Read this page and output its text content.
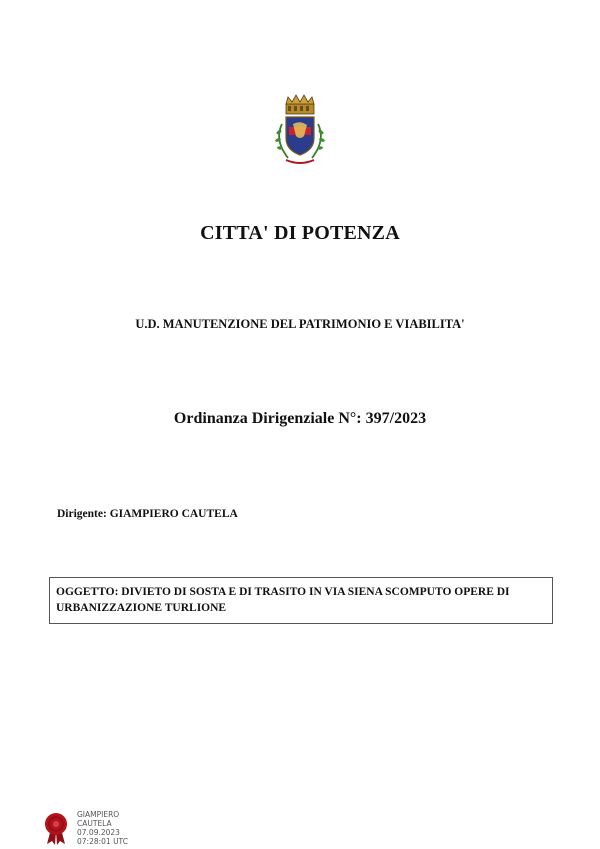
CITTA' DI POTENZA
U.D. MANUTENZIONE DEL PATRIMONIO E VIABILITA'
Ordinanza Dirigenziale N°: 397/2023
Dirigente: GIAMPIERO CAUTELA
OGGETTO: DIVIETO DI SOSTA E DI TRASITO IN VIA SIENA SCOMPUTO OPERE DI URBANIZZAZIONE TURLIONE
GIAMPIERO
CAUTELA
07.09.2023
07:28:01 UTC
